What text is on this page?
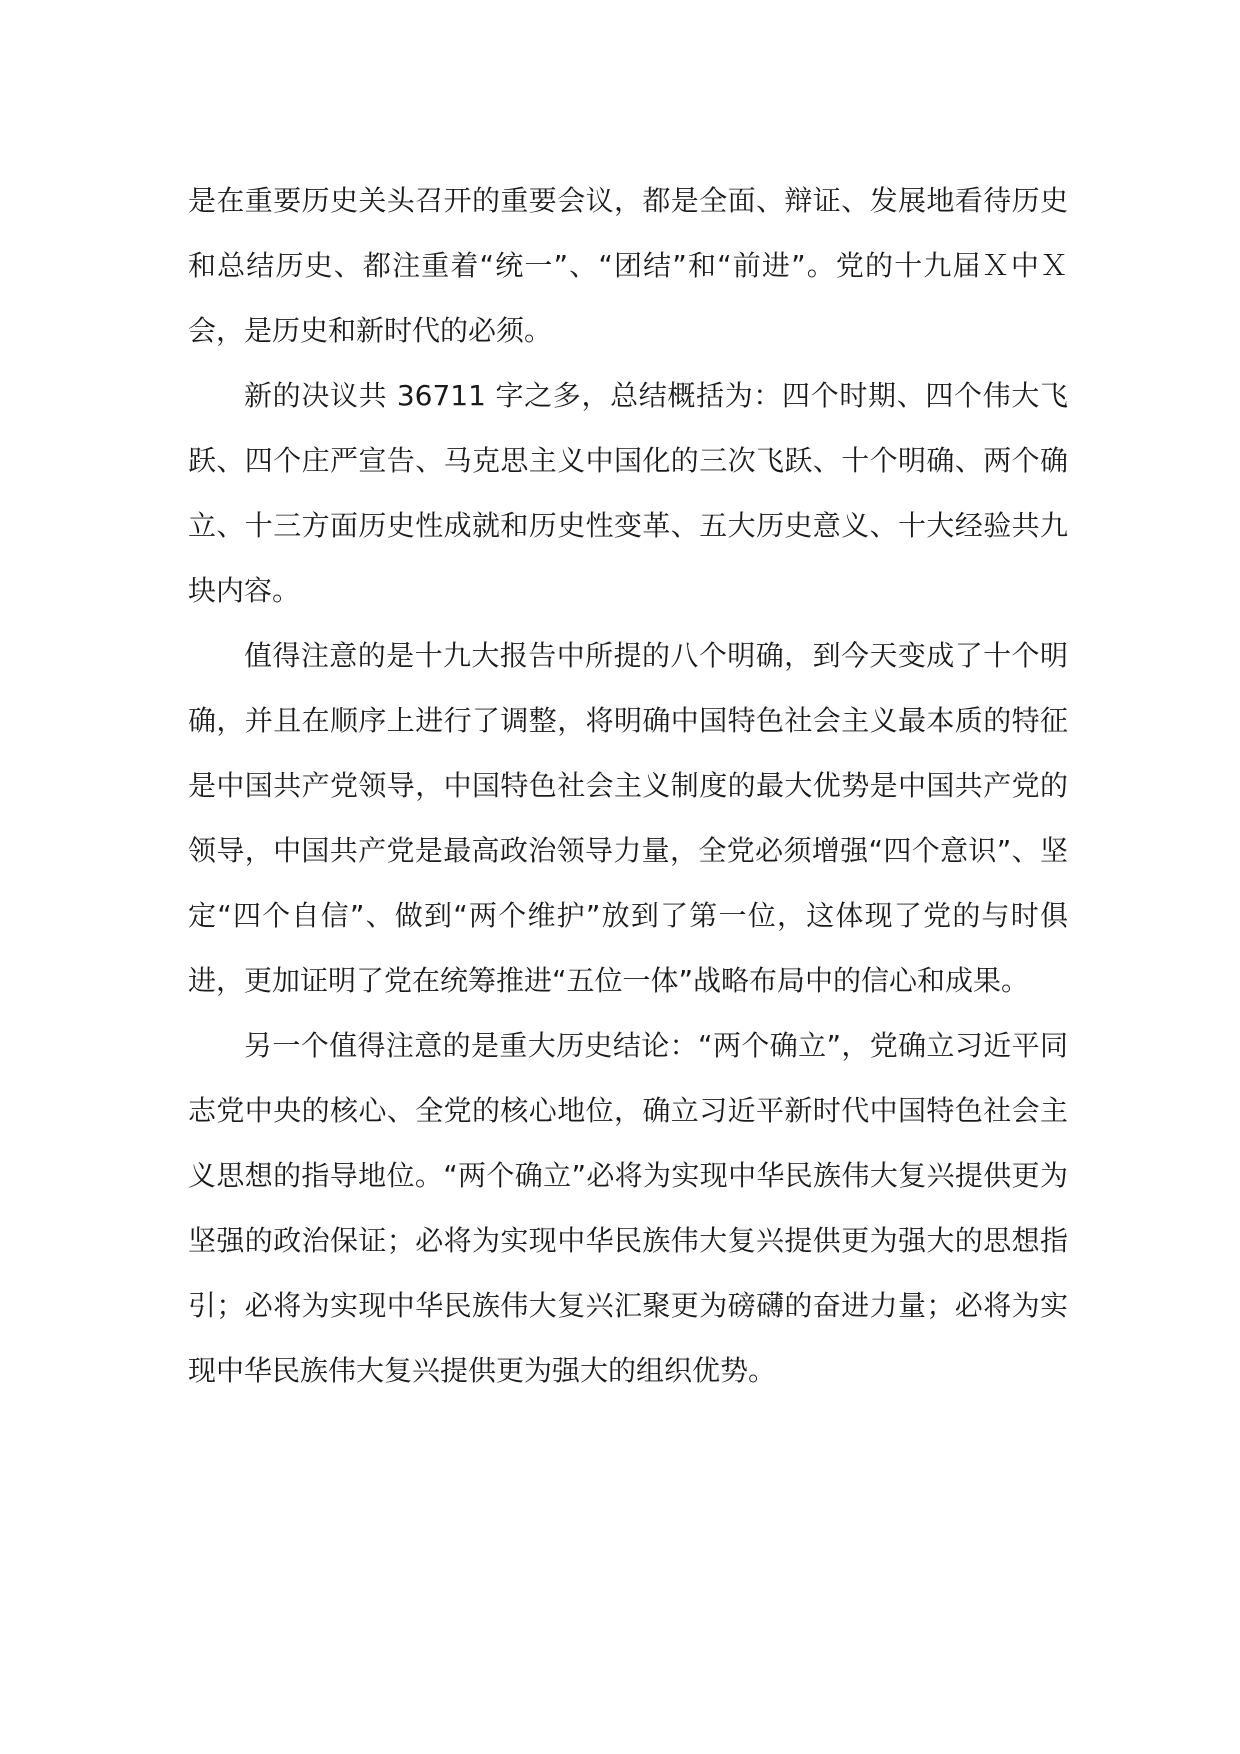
是在重要历史关头召开的重要会议，都是全面、辩证、发展地看待历史和总结历史、都注重着“统一”、“团结”和“前进”。党的十九届Ｘ中Ｘ会，是历史和新时代的必须。

新的决议共 36711 字之多，总结概括为：四个时期、四个伟大飞跃、四个庄严宣告、马克思主义中国化的三次飞跃、十个明确、两个确立、十三方面历史性成就和历史性变革、五大历史意义、十大经验共九块内容。

值得注意的是十九大报告中所提的八个明确，到今天变成了十个明确，并且在顺序上进行了调整，将明确中国特色社会主义最本质的特征是中国共产党领导，中国特色社会主义制度的最大优势是中国共产党的领导，中国共产党是最高政治领导力量，全党必须增强“四个意识”、坚定“四个自信”、做到“两个维护”放到了第一位，这体现了党的与时俱进，更加证明了党在统筹推进“五位一体”战略布局中的信心和成果。

另一个值得注意的是重大历史结论：“两个确立”，党确立习近平同志党中央的核心、全党的核心地位，确立习近平新时代中国特色社会主义思想的指导地位。“两个确立”必将为实现中华民族伟大复兴提供更为坚强的政治保证；必将为实现中华民族伟大复兴提供更为强大的思想指引；必将为实现中华民族伟大复兴汇聚更为磅礴的奋进力量；必将为实现中华民族伟大复兴提供更为强大的组织优势。
